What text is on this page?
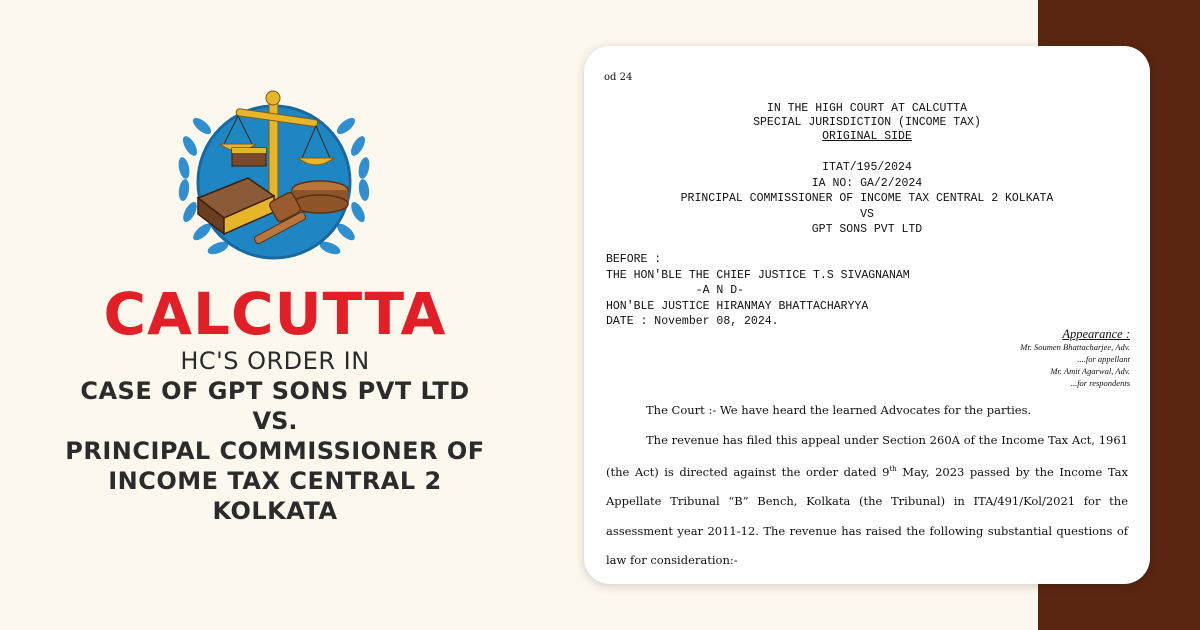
CALCUTTA
HC'S ORDER IN
CASE OF GPT SONS PVT LTD
VS.
PRINCIPAL COMMISSIONER OF
INCOME TAX CENTRAL 2
KOLKATA
od 24
IN THE HIGH COURT AT CALCUTTA
SPECIAL JURISDICTION (INCOME TAX)
ORIGINAL SIDE
ITAT/195/2024
IA NO: GA/2/2024
PRINCIPAL COMMISSIONER OF INCOME TAX CENTRAL 2 KOLKATA
VS
GPT SONS PVT LTD
BEFORE :
THE HON'BLE THE CHIEF JUSTICE T.S SIVAGNANAM
-A N D-
HON'BLE JUSTICE HIRANMAY BHATTACHARYYA
DATE : November 08, 2024.
Appearance :
Mr. Soumen Bhattacharjee, Adv.
....for appellant
Mr. Amit Agarwal, Adv.
...for respondents

The Court :- We have heard the learned Advocates for the parties.

The revenue has filed this appeal under Section 260A of the Income Tax Act, 1961 (the Act) is directed against the order dated 9th May, 2023 passed by the Income Tax Appellate Tribunal “B” Bench, Kolkata (the Tribunal) in ITA/491/Kol/2021 for the assessment year 2011-12. The revenue has raised the following substantial questions of law for consideration:-
